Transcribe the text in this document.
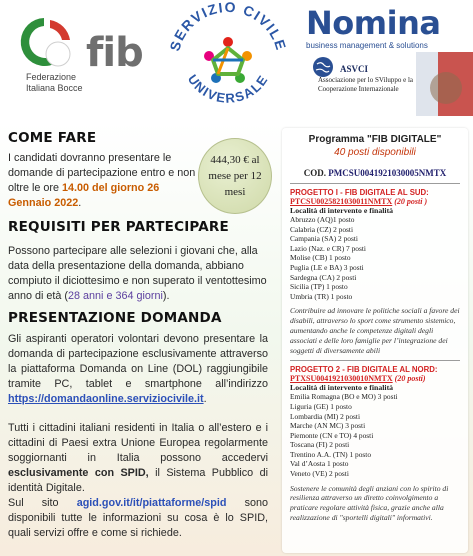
fib
Federazione
Italiana Bocce
SERVIZIO CIVILE
UNIVERSALE
Nomina
business management & solutions
ASVCI
Associazione per lo SViluppo e la
Cooperazione Internazionale
COME FARE

I candidati dovranno presentare le domande di partecipazione entro e non oltre le ore 14.00 del giorno 26 Gennaio 2022.

REQUISITI PER PARTECIPARE

Possono partecipare alle selezioni i giovani che, alla data della presentazione della domanda, abbiano compiuto il diciottesimo e non superato il ventottesimo anno di età (28 anni e 364 giorni).

PRESENTAZIONE DOMANDA

Gli aspiranti operatori volontari devono presentare la domanda di partecipazione esclusivamente attraverso la piattaforma Domanda on Line (DOL) raggiungibile tramite PC, tablet e smartphone all’indirizzo https://domandaonline.serviziocivile.it.

Tutti i cittadini italiani residenti in Italia o all’estero e i cittadini di Paesi extra Unione Europea regolarmente soggiornanti in Italia possono accedervi esclusivamente con SPID, il Sistema Pubblico di identità Digitale.

Sul sito agid.gov.it/it/piattaforme/spid sono disponibili tutte le informazioni su cosa è lo SPID, quali servizi offre e come si richiede.

444,30 € al
mese per 12
mesi
Programma "FIB DIGITALE"
40 posti disponibili
COD. PMCSU0041921030005NMTX
PROGETTO I - FIB DIGITALE AL SUD:
PTCSU0025821030011NMTX (20 posti )
Località di intervento e finalità
Abruzzo (AQ)1 posto
Calabria (CZ) 2 posti
Campania (SA) 2 posti
Lazio (Naz. e CR) 7 posti
Molise (CB) 1 posto
Puglia (LE e BA) 3 posti
Sardegna (CA) 2 posti
Sicilia (TP) 1 posto
Umbria (TR) 1 posto
Contribuire ad innovare le politiche sociali a favore dei disabili, attraverso lo sport come strumento sistemico, aumentando anche le competenze digitali degli associati e delle loro famiglie per l’integrazione dei soggetti di diversamente abili
PROGETTO 2 - FIB DIGITALE AL NORD:
PTXSU0041921030010NMTX (20 posti)
Località di intervento e finalità
Emilia Romagna (BO e MO) 3 posti
Liguria (GE) 1 posto
Lombardia (MI) 2 posti
Marche (AN MC) 3 posti
Piemonte (CN e TO) 4 posti
Toscana (FI) 2 posti
Trentino A.A. (TN) 1 posto
Val d’Aosta 1 posto
Veneto (VE) 2 posti
Sostenere le comunità degli anziani con lo spirito di resilienza attraverso un diretto coinvolgimento a praticare regolare attività fisica, grazie anche alla realizzazione di "sportelli digitali" informativi.
